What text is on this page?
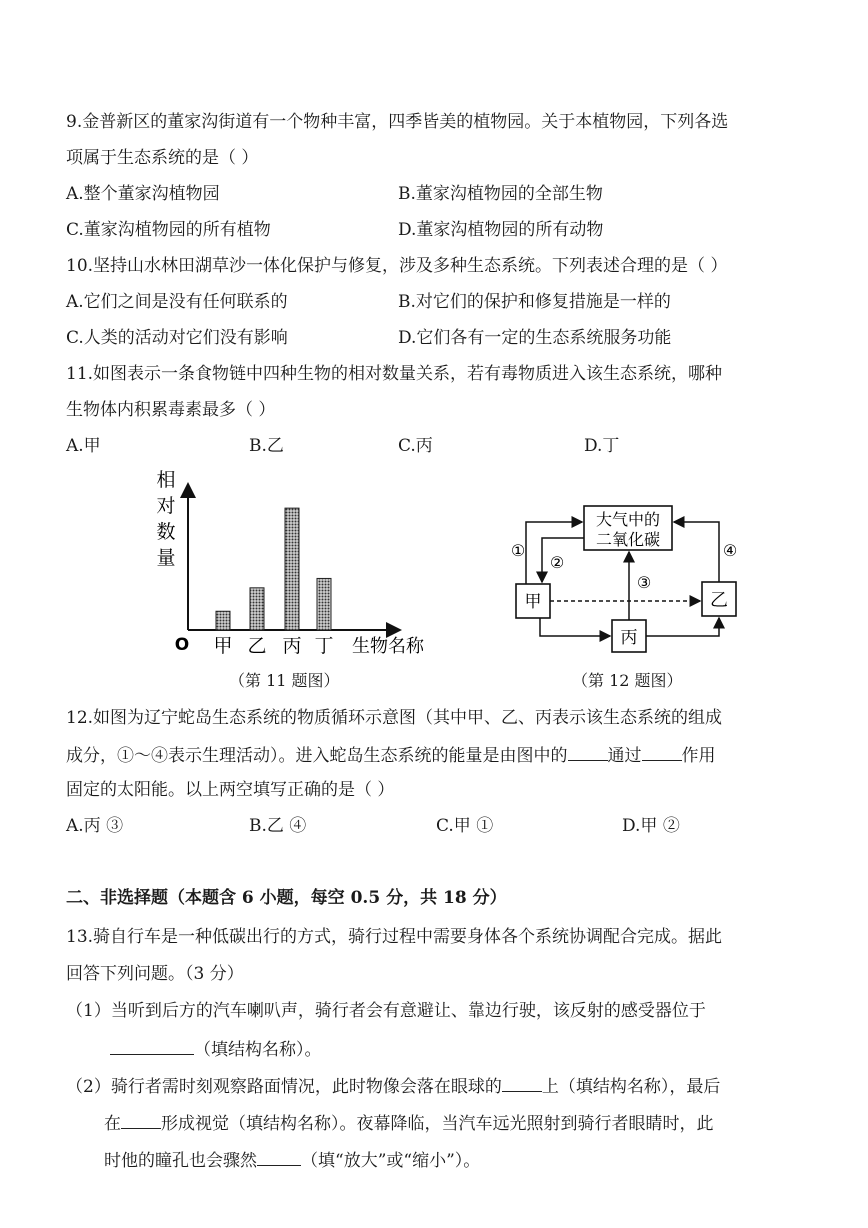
9.金普新区的董家沟街道有一个物种丰富，四季皆美的植物园。关于本植物园，下列各选
项属于生态系统的是（ ）
A.整个董家沟植物园	B.董家沟植物园的全部生物
C.董家沟植物园的所有植物	D.董家沟植物园的所有动物
10.坚持山水林田湖草沙一体化保护与修复，涉及多种生态系统。下列表述合理的是（ ）
A.它们之间是没有任何联系的	B.对它们的保护和修复措施是一样的
C.人类的活动对它们没有影响	D.它们各有一定的生态系统服务功能
11.如图表示一条食物链中四种生物的相对数量关系，若有毒物质进入该生态系统，哪种
生物体内积累毒素最多（ ）
A.甲	B.乙	C.丙	D.丁
相
对
数
量
O 甲 乙 丙 丁 生物名称
（第 11 题图）
大气中的
二氧化碳
甲	乙
丙
①
②
③
④
（第 12 题图）
12.如图为辽宁蛇岛生态系统的物质循环示意图（其中甲、乙、丙表示该生态系统的组成
成分，①～④表示生理活动）。进入蛇岛生态系统的能量是由图中的 通过 作用
固定的太阳能。以上两空填写正确的是（ ）
A.丙 ③	B.乙 ④	C.甲 ①	D.甲 ②
二、非选择题（本题含 6 小题，每空 0.5 分，共 18 分）
13.骑自行车是一种低碳出行的方式，骑行过程中需要身体各个系统协调配合完成。据此
回答下列问题。（3 分）
（1）当听到后方的汽车喇叭声，骑行者会有意避让、靠边行驶，该反射的感受器位于
（填结构名称）。
（2）骑行者需时刻观察路面情况，此时物像会落在眼球的 上（填结构名称），最后
在 形成视觉（填结构名称）。夜幕降临，当汽车远光照射到骑行者眼睛时，此
时他的瞳孔也会骤然	（填“放大”或“缩小”）。
